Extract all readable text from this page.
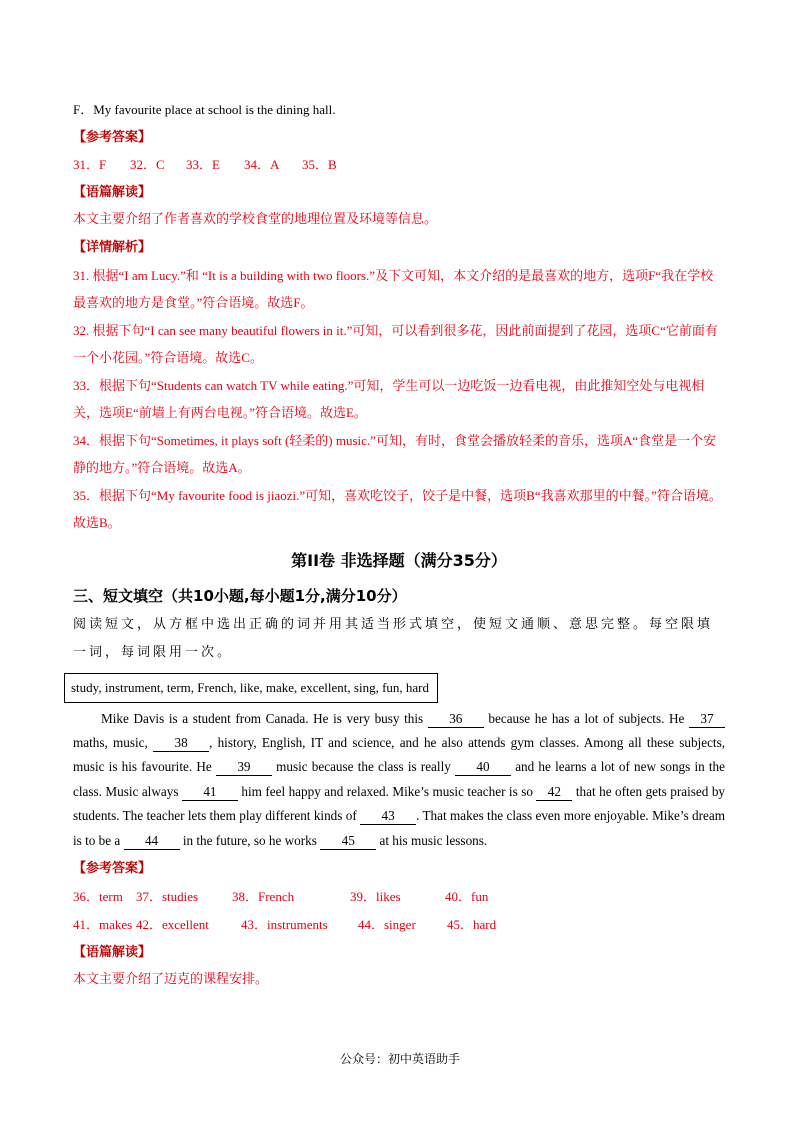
F．My favourite place at school is the dining hall.
【参考答案】
31．F 32．C 33．E 34．A 35．B
【语篇解读】
本文主要介绍了作者喜欢的学校食堂的地理位置及环境等信息。
【详情解析】

31. 根据“I am Lucy.”和 “It is a building with two floors.”及下文可知，本文介绍的是最喜欢的地方，选项F“我在学校最喜欢的地方是食堂。”符合语境。故选F。

32. 根据下句“I can see many beautiful flowers in it.”可知，可以看到很多花，因此前面提到了花园，选项C“它前面有一个小花园。”符合语境。故选C。

33．根据下句“Students can watch TV while eating.”可知，学生可以一边吃饭一边看电视，由此推知空处与电视相关，选项E“前墙上有两台电视。”符合语境。故选E。

34．根据下句“Sometimes, it plays soft (轻柔的) music.”可知，有时，食堂会播放轻柔的音乐，选项A“食堂是一个安静的地方。”符合语境。故选A。

35．根据下句“My favourite food is jiaozi.”可知，喜欢吃饺子，饺子是中餐，选项B“我喜欢那里的中餐。”符合语境。故选B。

第II卷 非选择题（满分35分）
三、短文填空（共10小题,每小题1分,满分10分）
阅读短文，从方框中选出正确的词并用其适当形式填空，使短文通顺、意思完整。每空限填一词，每词限用一次。
study, instrument, term, French, like, make, excellent, sing, fun, hard
Mike Davis is a student from Canada. He is very busy this 36 because he has a lot of subjects. He 37 maths, music, 38 , history, English, IT and science, and he also attends gym classes. Among all these subjects, music is his favourite. He 39 music because the class is really 40 and he learns a lot of new songs in the class. Music always 41 him feel happy and relaxed. Mike’s music teacher is so 42 that he often gets praised by students. The teacher lets them play different kinds of 43 . That makes the class even more enjoyable. Mike’s dream is to be a 44 in the future, so he works 45 at his music lessons.
【参考答案】
36．term 37．studies	38．French	39．likes	40．fun
41．makes 42．excellent 43．instruments 44．singer 45．hard
【语篇解读】
本文主要介绍了迈克的课程安排。
公众号：初中英语助手
